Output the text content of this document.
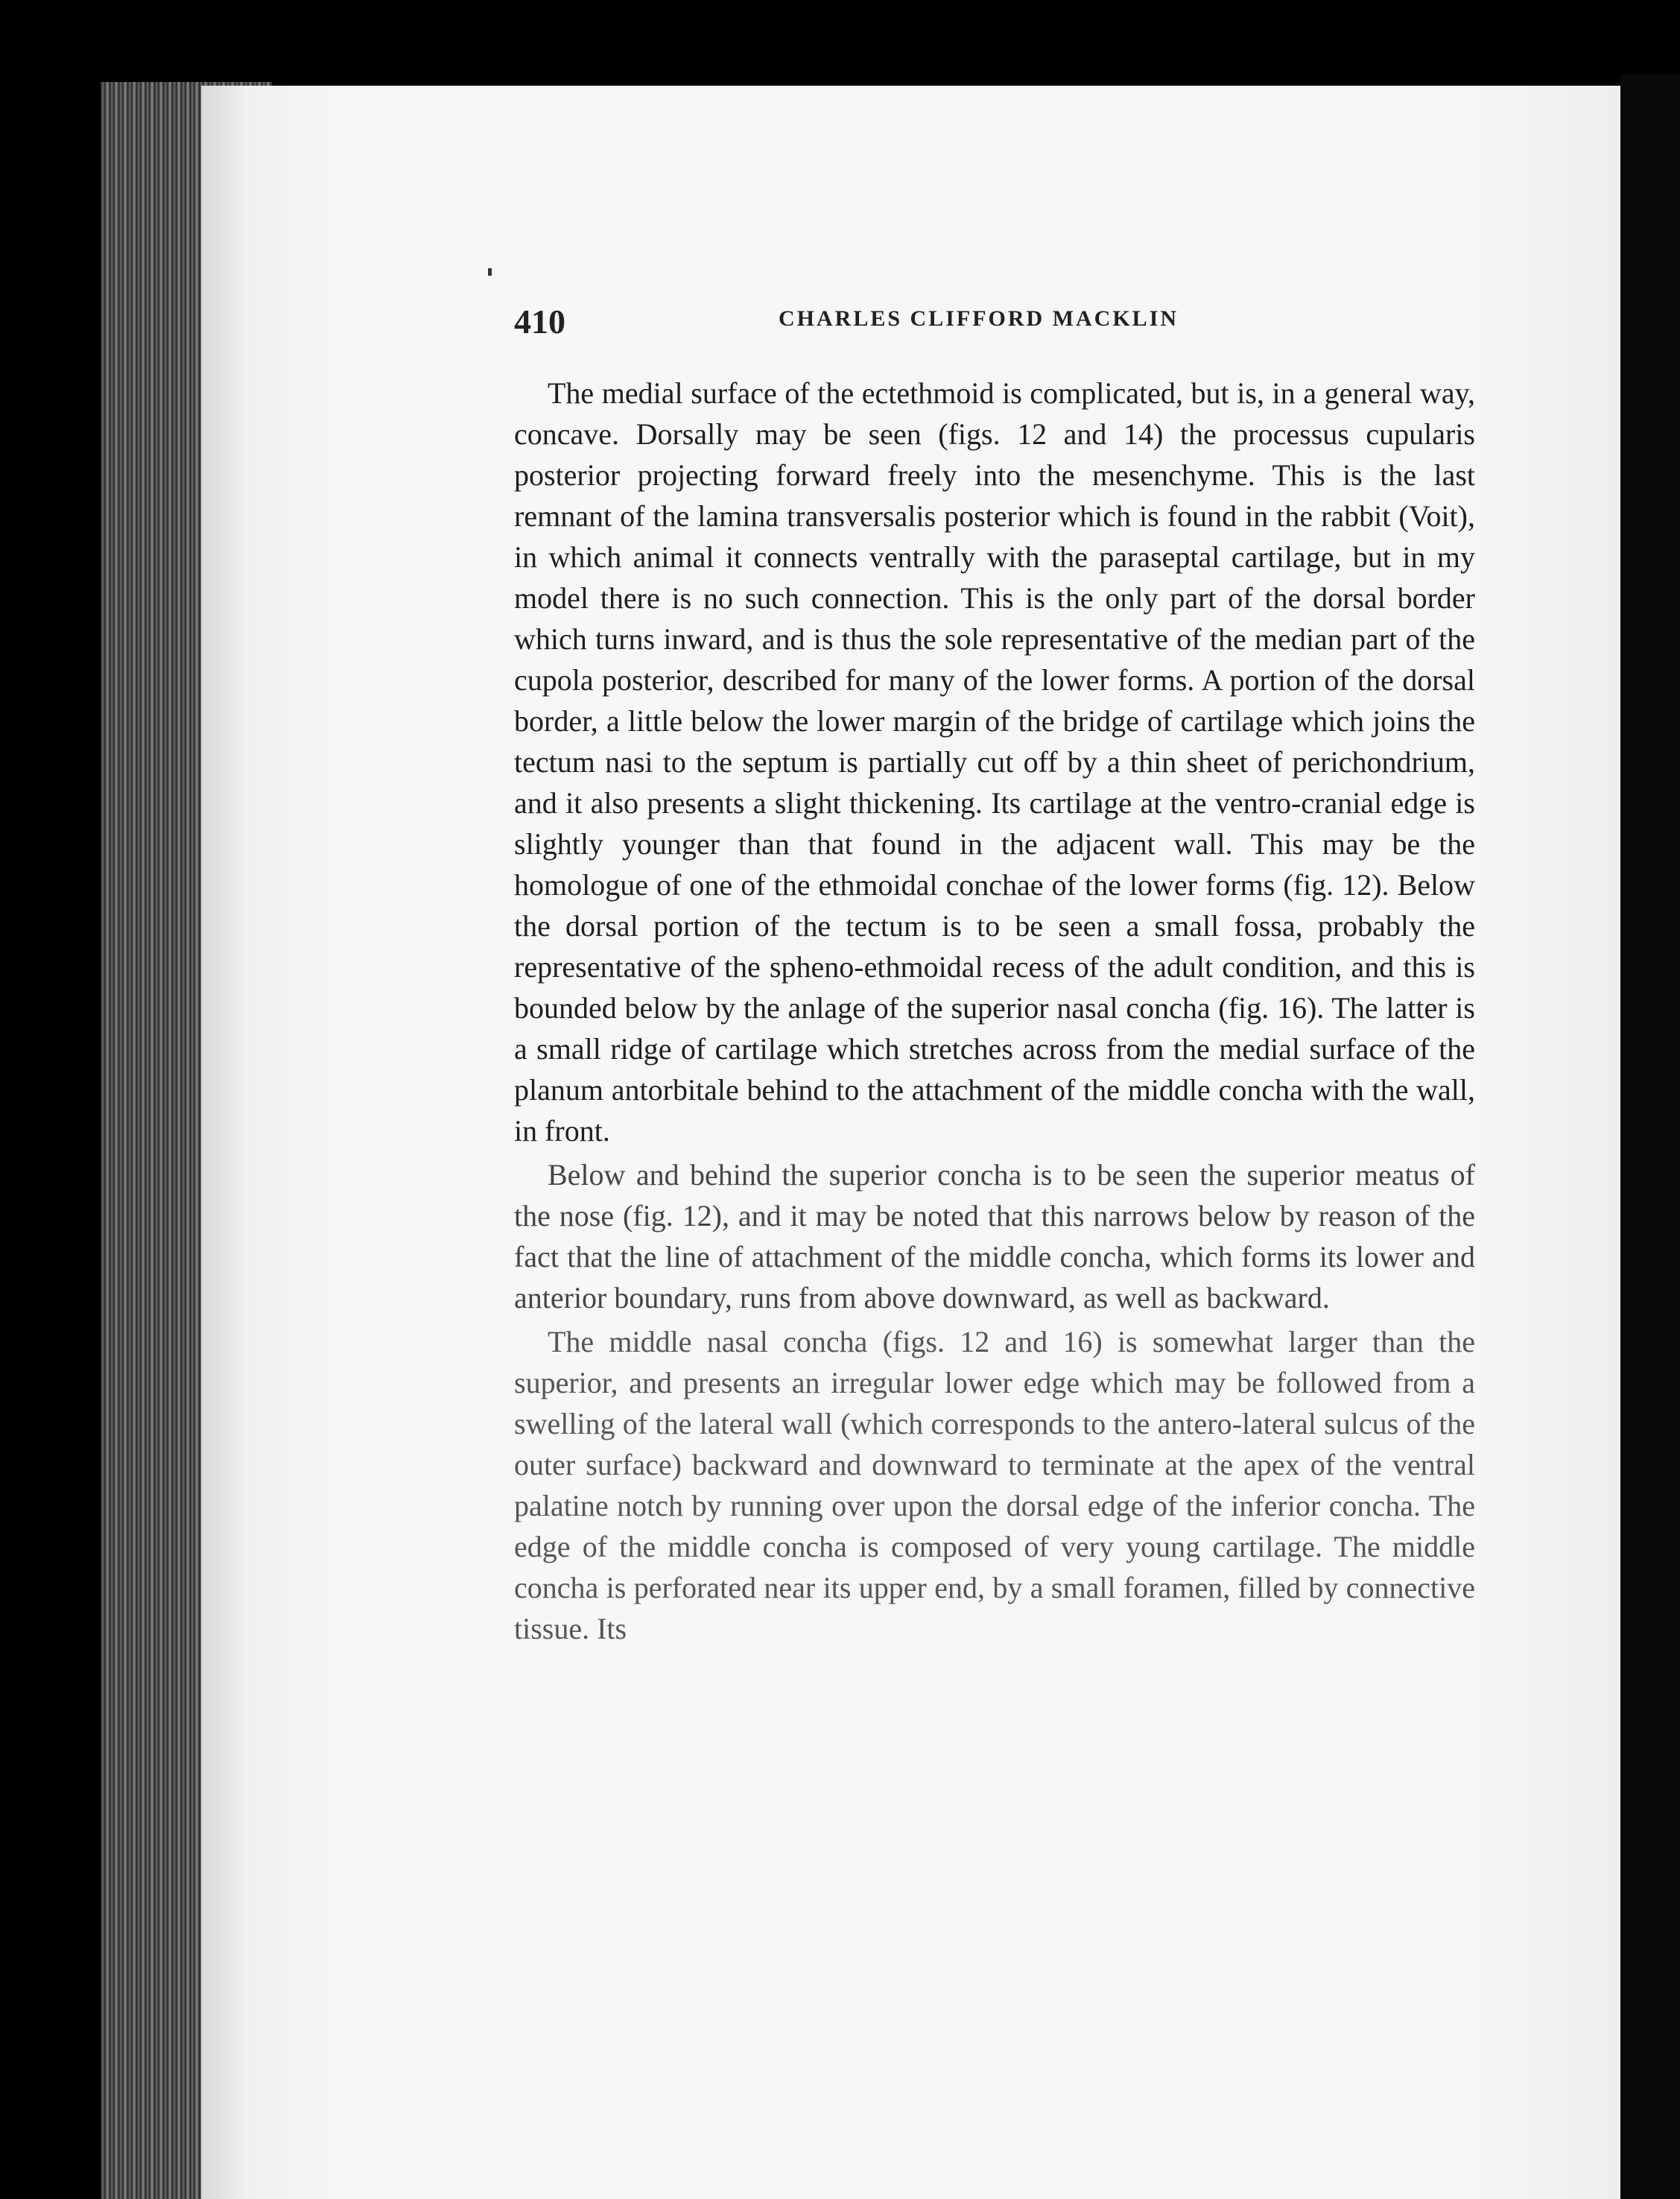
410	CHARLES CLIFFORD MACKLIN

The medial surface of the ectethmoid is complicated, but is, in a general way, concave. Dorsally may be seen (figs. 12 and 14) the processus cupularis posterior projecting forward freely into the mesenchyme. This is the last remnant of the lamina transversalis posterior which is found in the rabbit (Voit), in which animal it connects ventrally with the paraseptal cartilage, but in my model there is no such connection. This is the only part of the dorsal border which turns inward, and is thus the sole representative of the median part of the cupola posterior, described for many of the lower forms. A portion of the dorsal border, a little below the lower margin of the bridge of cartilage which joins the tectum nasi to the septum is partially cut off by a thin sheet of perichondrium, and it also presents a slight thickening. Its cartilage at the ventro-cranial edge is slightly younger than that found in the adjacent wall. This may be the homologue of one of the ethmoidal conchae of the lower forms (fig. 12). Below the dorsal portion of the tectum is to be seen a small fossa, probably the representative of the spheno-ethmoidal recess of the adult condition, and this is bounded below by the anlage of the superior nasal concha (fig. 16). The latter is a small ridge of cartilage which stretches across from the medial surface of the planum antorbitale behind to the attachment of the middle concha with the wall, in front.

Below and behind the superior concha is to be seen the superior meatus of the nose (fig. 12), and it may be noted that this narrows below by reason of the fact that the line of attachment of the middle concha, which forms its lower and anterior boundary, runs from above downward, as well as backward.

The middle nasal concha (figs. 12 and 16) is somewhat larger than the superior, and presents an irregular lower edge which may be followed from a swelling of the lateral wall (which corresponds to the antero-lateral sulcus of the outer surface) backward and downward to terminate at the apex of the ventral palatine notch by running over upon the dorsal edge of the inferior concha. The edge of the middle concha is composed of very young cartilage. The middle concha is perforated near its upper end, by a small foramen, filled by connective tissue. Its
